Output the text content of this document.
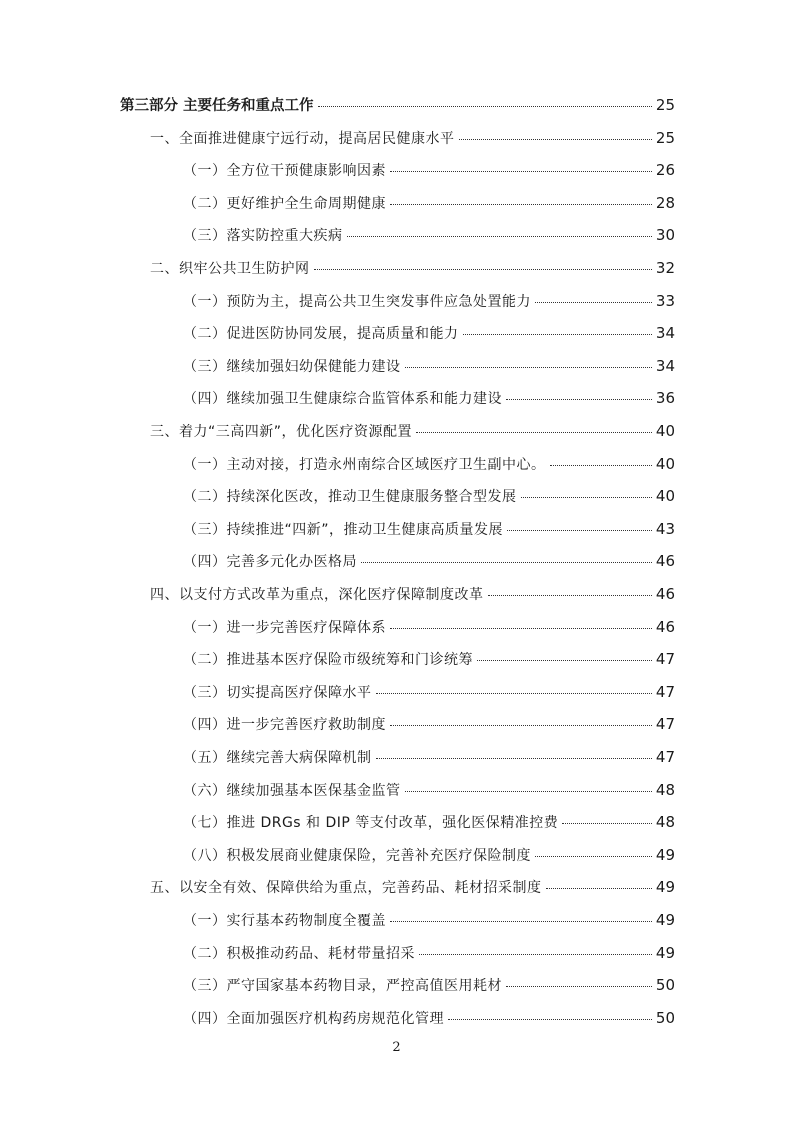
第三部分 主要任务和重点工作	25
一、全面推进健康宁远行动，提高居民健康水平	25
（一）全方位干预健康影响因素	26
（二）更好维护全生命周期健康	28
（三）落实防控重大疾病	30
二、织牢公共卫生防护网	32
（一）预防为主，提高公共卫生突发事件应急处置能力	33
（二）促进医防协同发展，提高质量和能力	34
（三）继续加强妇幼保健能力建设	34
（四）继续加强卫生健康综合监管体系和能力建设	36
三、着力“三高四新”，优化医疗资源配置	40
（一）主动对接，打造永州南综合区域医疗卫生副中心。	40
（二）持续深化医改，推动卫生健康服务整合型发展	40
（三）持续推进“四新”，推动卫生健康高质量发展	43
（四）完善多元化办医格局	46
四、以支付方式改革为重点，深化医疗保障制度改革	46
（一）进一步完善医疗保障体系	46
（二）推进基本医疗保险市级统筹和门诊统筹	47
（三）切实提高医疗保障水平	47
（四）进一步完善医疗救助制度	47
（五）继续完善大病保障机制	47
（六）继续加强基本医保基金监管	48
（七）推进 DRGs 和 DIP 等支付改革，强化医保精准控费	48
（八）积极发展商业健康保险，完善补充医疗保险制度	49
五、以安全有效、保障供给为重点，完善药品、耗材招采制度	49
（一）实行基本药物制度全覆盖	49
（二）积极推动药品、耗材带量招采	49
（三）严守国家基本药物目录，严控高值医用耗材	50
（四）全面加强医疗机构药房规范化管理	50
2
